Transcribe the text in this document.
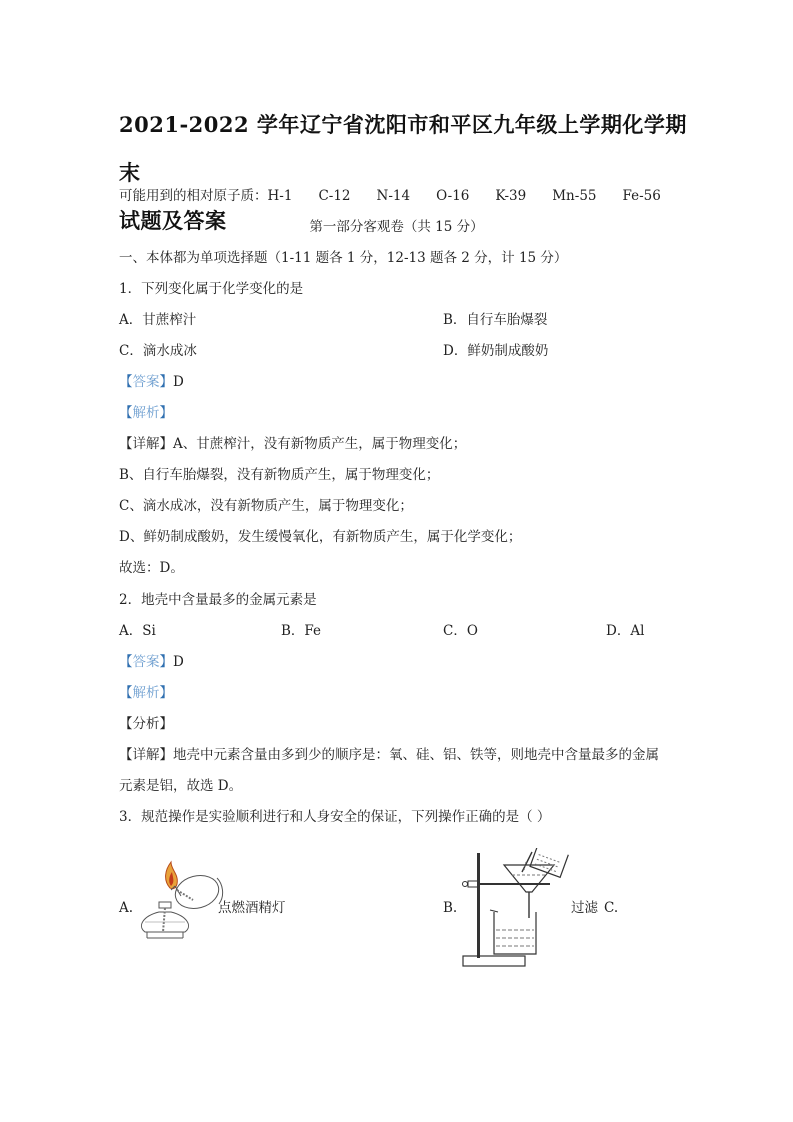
2021-2022 学年辽宁省沈阳市和平区九年级上学期化学期末
试题及答案
可能用到的相对原子质：H-1 C-12 N-14 O-16 K-39 Mn-55 Fe-56
第一部分客观卷（共 15 分）
一、本体都为单项选择题（1-11 题各 1 分，12-13 题各 2 分，计 15 分）
1．下列变化属于化学变化的是
A．甘蔗榨汁	B．自行车胎爆裂
C．滴水成冰	D．鲜奶制成酸奶
【答案】D
【解析】
【详解】A、甘蔗榨汁，没有新物质产生，属于物理变化；
B、自行车胎爆裂，没有新物质产生，属于物理变化；
C、滴水成冰，没有新物质产生，属于物理变化；
D、鲜奶制成酸奶，发生缓慢氧化，有新物质产生，属于化学变化；
故选：D。
2．地壳中含量最多的金属元素是
A．Si	B．Fe	C．O	D．Al
【答案】D
【解析】
【分析】
【详解】地壳中元素含量由多到少的顺序是：氧、硅、铝、铁等，则地壳中含量最多的金属
元素是铝，故选 D。
3．规范操作是实验顺利进行和人身安全的保证，下列操作正确的是（ ）
A.	点燃酒精灯	B.	过滤 C.
